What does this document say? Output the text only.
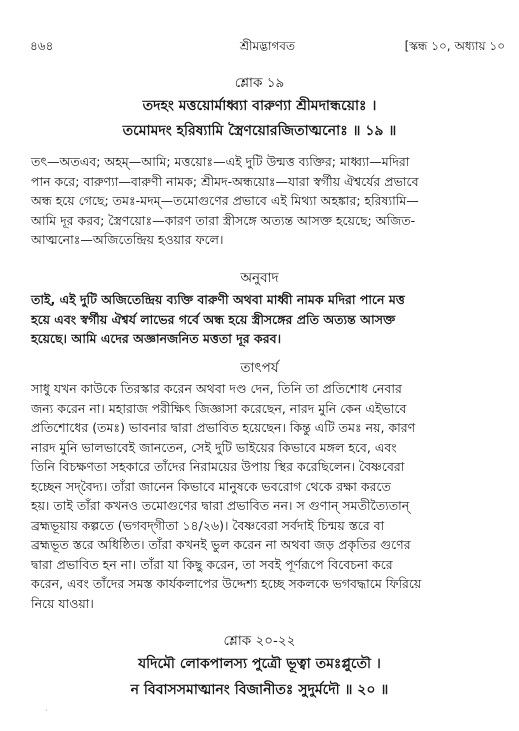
৪৬৪	শ্রীমদ্ভাগবত	[স্কন্ধ ১০, অধ্যায় ১০
শ্লোক ১৯
তদহং মত্তয়োর্মাধ্ব্যা বারুণ্যা শ্রীমদান্ধয়োঃ ।
তমোমদং হরিষ্যামি স্ত্রৈণয়োরজিতাত্মনোঃ ॥ ১৯ ॥
তৎ—অতএব; অহম্—আমি; মত্তয়োঃ—এই দুটি উন্মত্ত ব্যক্তির; মাধ্ব্যা—মদিরা
পান করে; বারুণ্যা—বারুণী নামক; শ্রীমদ-অন্ধয়োঃ—যারা স্বর্গীয় ঐশ্বর্যের প্রভাবে
অন্ধ হয়ে গেছে; তমঃ-মদম্—তমোগুণের প্রভাবে এই মিথ্যা অহঙ্কার; হরিষ্যামি—
আমি দূর করব; স্ত্রৈণয়োঃ—কারণ তারা স্ত্রীসঙ্গে অত্যন্ত আসক্ত হয়েছে; অজিত-
আত্মনোঃ—অজিতেন্দ্রিয় হওয়ার ফলে।
অনুবাদ
তাই, এই দুটি অজিতেন্দ্রিয় ব্যক্তি বারুণী অথবা মাধ্বী নামক মদিরা পানে মত্ত
হয়ে এবং স্বর্গীয় ঐশ্বর্য লাভের গর্বে অন্ধ হয়ে স্ত্রীসঙ্গের প্রতি অত্যন্ত আসক্ত
হয়েছে। আমি এদের অজ্ঞানজনিত মত্ততা দূর করব।
তাৎপর্য
সাধু যখন কাউকে তিরস্কার করেন অথবা দণ্ড দেন, তিনি তা প্রতিশোধ নেবার
জন্য করেন না। মহারাজ পরীক্ষিৎ জিজ্ঞাসা করেছেন, নারদ মুনি কেন এইভাবে
প্রতিশোধের (তমঃ) ভাবনার দ্বারা প্রভাবিত হয়েছেন। কিন্তু এটি তমঃ নয়, কারণ
নারদ মুনি ভালভাবেই জানতেন, সেই দুটি ভাইয়ের কিভাবে মঙ্গল হবে, এবং
তিনি বিচক্ষণতা সহকারে তাঁদের নিরাময়ের উপায় স্থির করেছিলেন। বৈষ্ণবেরা
হচ্ছেন সদ্‌বৈদ্য। তাঁরা জানেন কিভাবে মানুষকে ভবরোগ থেকে রক্ষা করতে
হয়। তাই তাঁরা কখনও তমোগুণের দ্বারা প্রভাবিত নন। স গুণান্ সমতীত্যৈতান্
ব্রহ্মভূয়ায় কল্পতে (ভগবদ্‌গীতা ১৪/২৬)। বৈষ্ণবেরা সর্বদাই চিন্ময় স্তরে বা
ব্রহ্মভূত স্তরে অধিষ্ঠিত। তাঁরা কখনই ভুল করেন না অথবা জড় প্রকৃতির গুণের
দ্বারা প্রভাবিত হন না। তাঁরা যা কিছু করেন, তা সবই পূর্ণরূপে বিবেচনা করে
করেন, এবং তাঁদের সমস্ত কার্যকলাপের উদ্দেশ্য হচ্ছে সকলকে ভগবদ্ধামে ফিরিয়ে
নিয়ে যাওয়া।
শ্লোক ২০-২২
যদিমৌ লোকপালস্য পুত্রৌ ভূত্বা তমঃপ্লুতৌ ।
ন বিবাসসমাত্মানং বিজানীতঃ সুদুর্মদৌ ॥ ২০ ॥
·
